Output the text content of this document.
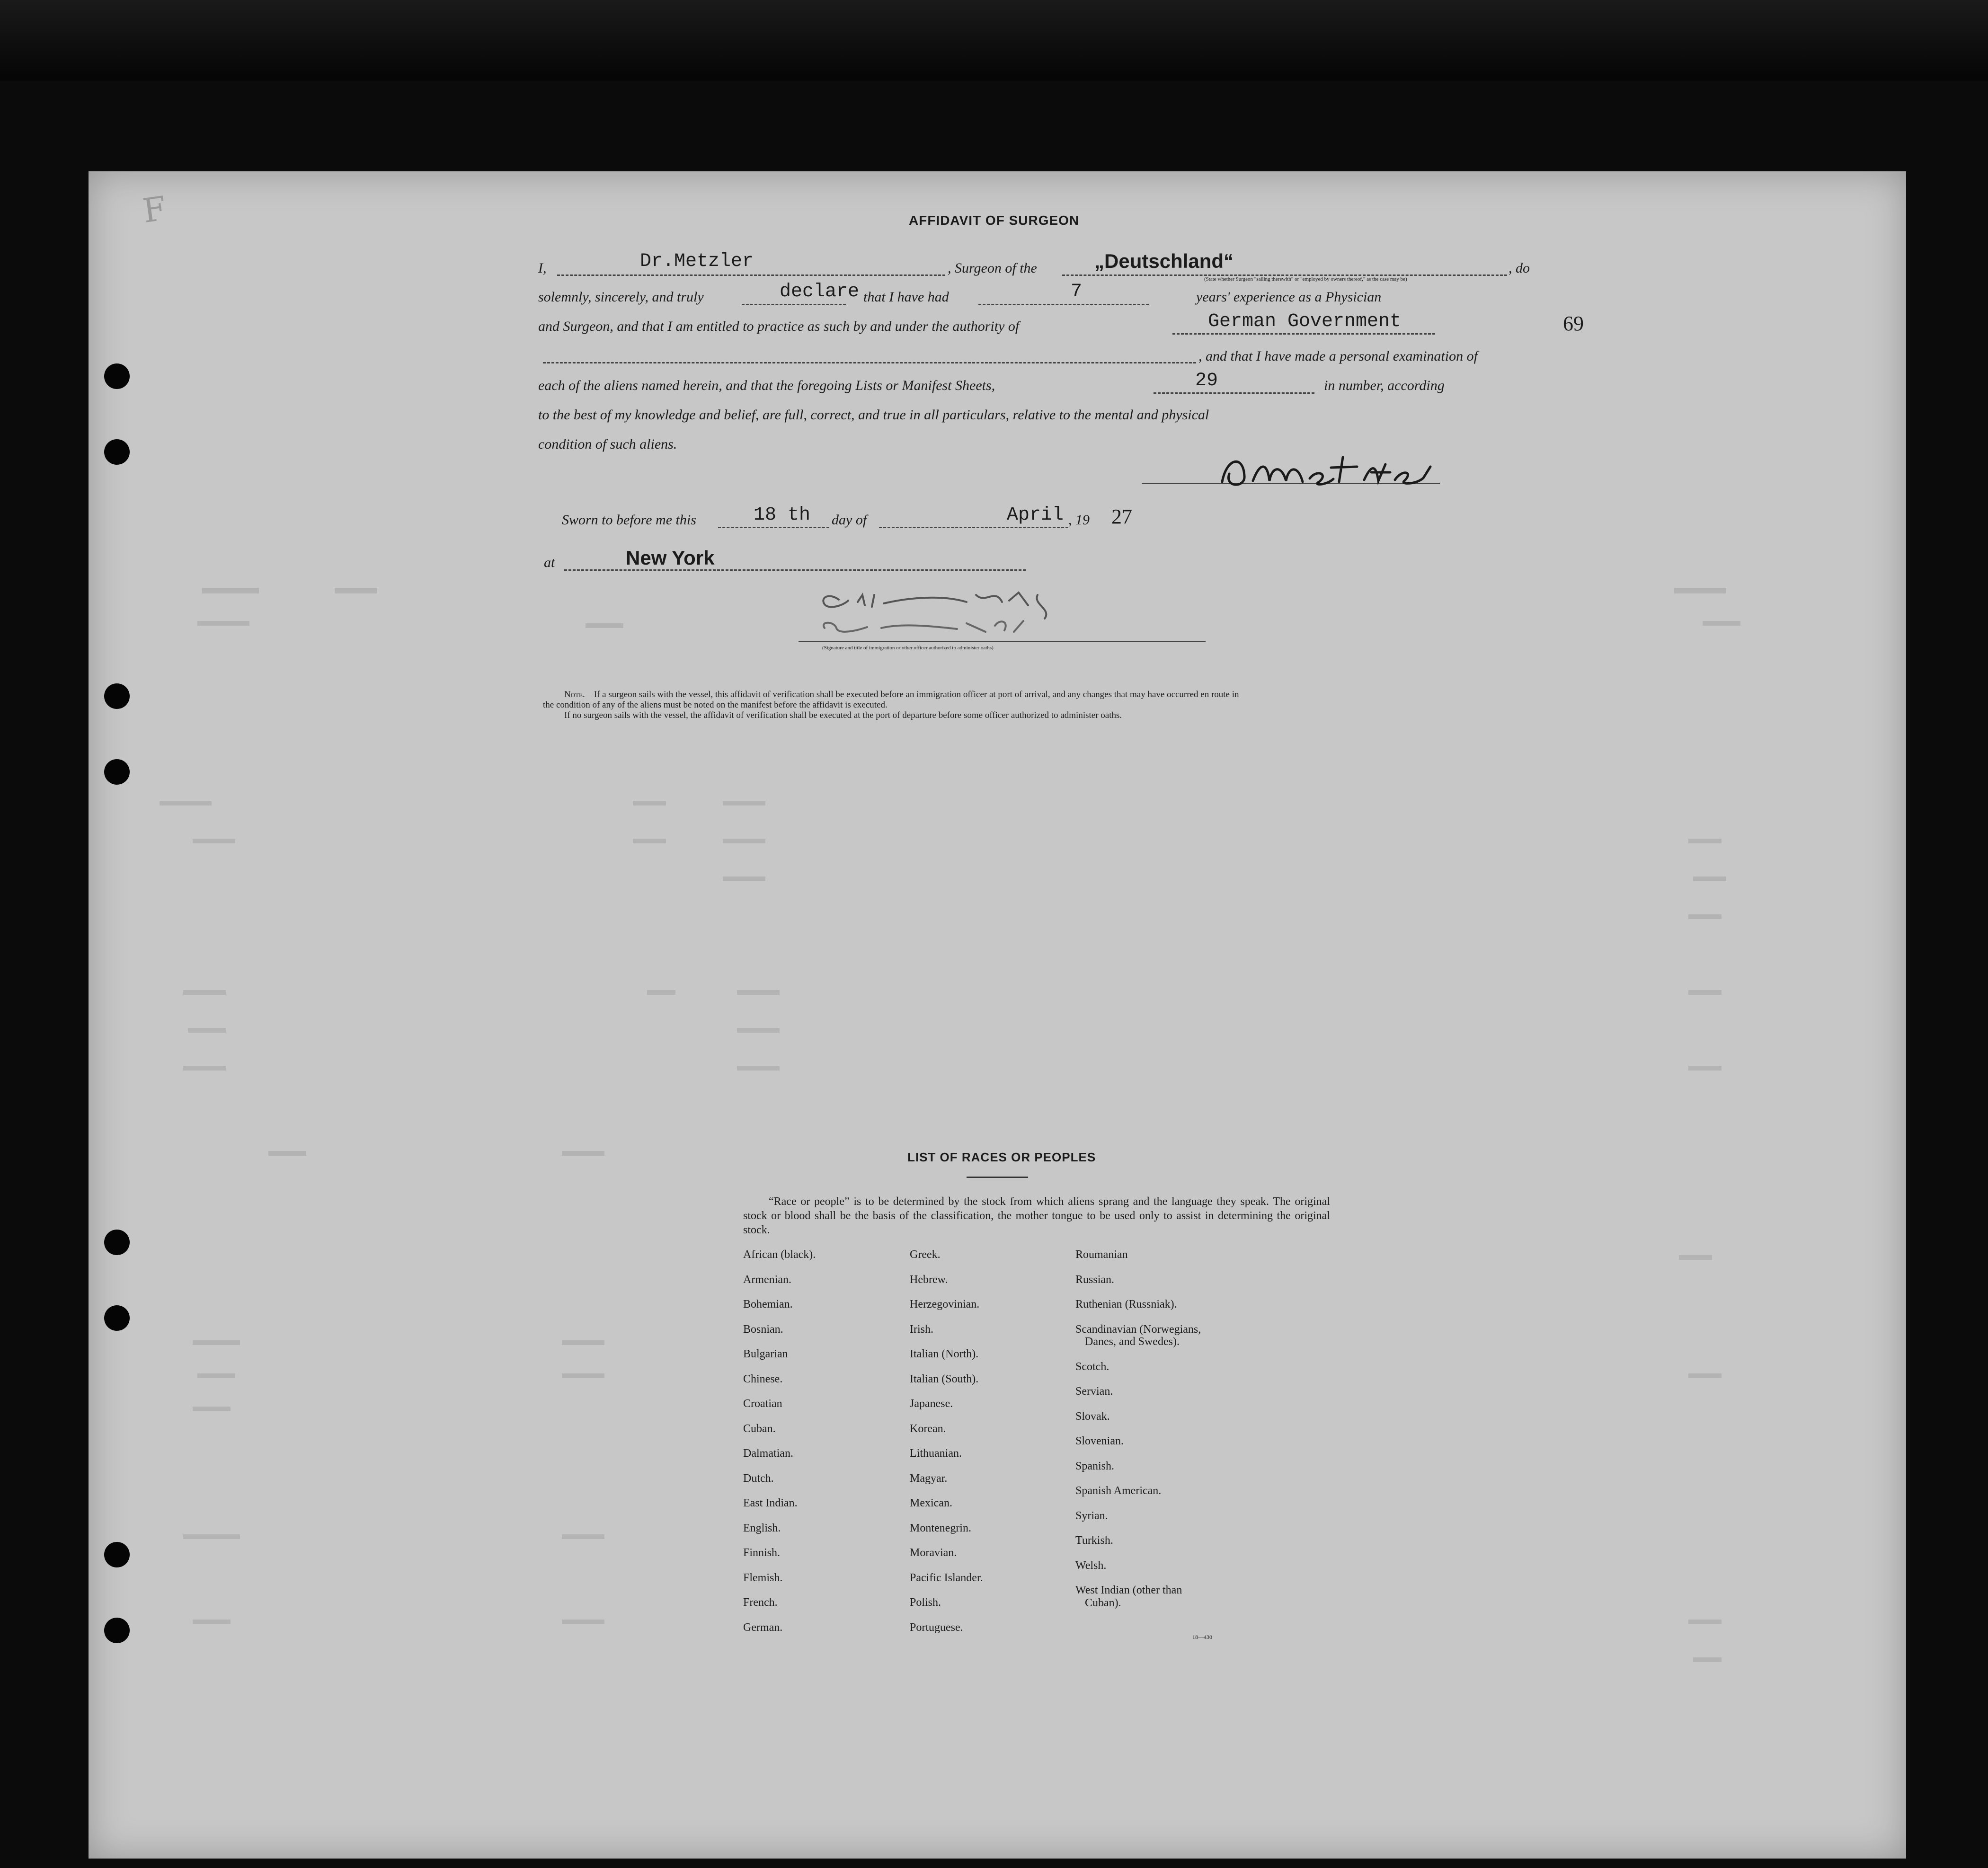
F
69
AFFIDAVIT OF SURGEON
I,	Dr.Metzler	, Surgeon of the	„Deutschland“
(State whether Surgeon "sailing therewith" or "employed by owners thereof," as the case may be)
, do
solemnly, sincerely, and truly	declare that I have had	7	years' experience as a Physician
and Surgeon, and that I am entitled to practice as such by and under the authority of	German Government
, and that I have made a personal examination of
each of the aliens named herein, and that the foregoing Lists or Manifest Sheets,	29	in number, according
to the best of my knowledge and belief, are full, correct, and true in all particulars, relative to the mental and physical
condition of such aliens.
Sworn to before me this	18 th day of	April , 19 27
at	New York
(Signature and title of immigration or other officer authorized to administer oaths)
Note.—If a surgeon sails with the vessel, this affidavit of verification shall be executed before an immigration officer at port of arrival, and any changes that may have occurred en route in
the condition of any of the aliens must be noted on the manifest before the affidavit is executed.
If no surgeon sails with the vessel, the affidavit of verification shall be executed at the port of departure before some officer authorized to administer oaths.
LIST OF RACES OR PEOPLES
“Race or people” is to be determined by the stock from which aliens sprang and the language they speak. The original stock or blood shall be the basis of the classification, the mother tongue to be used only to assist in determining the original stock.
African (black).
Armenian.
Bohemian.
Bosnian.
Bulgarian
Chinese.
Croatian
Cuban.
Dalmatian.
Dutch.
East Indian.
English.
Finnish.
Flemish.
French.
German.
Greek.
Hebrew.
Herzegovinian.
Irish.
Italian (North).
Italian (South).
Japanese.
Korean.
Lithuanian.
Magyar.
Mexican.
Montenegrin.
Moravian.
Pacific Islander.
Polish.
Portuguese.
Roumanian
Russian.
Ruthenian (Russniak).
Scandinavian (Norwegians,
Danes, and Swedes).
Scotch.
Servian.
Slovak.
Slovenian.
Spanish.
Spanish American.
Syrian.
Turkish.
Welsh.
West Indian (other than
Cuban).
18—430
